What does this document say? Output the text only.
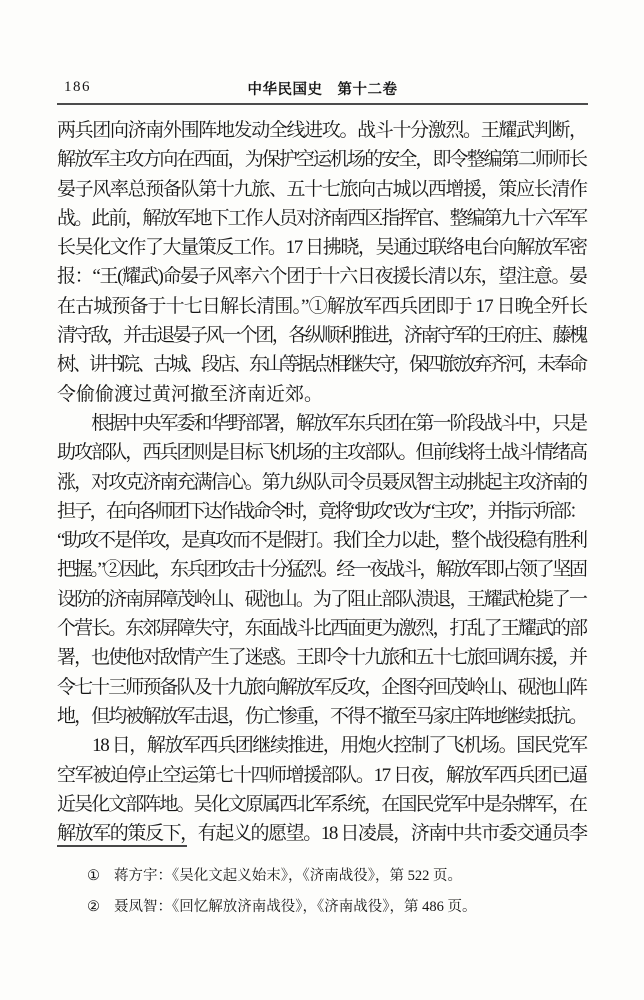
186	中华民国史　第十二卷
两兵团向济南外围阵地发动全线进攻。战斗十分激烈。王耀武判断，
解放军主攻方向在西面，为保护空运机场的安全，即令整编第二师师长
晏子风率总预备队第十九旅、五十七旅向古城以西增援，策应长清作
战。此前，解放军地下工作人员对济南西区指挥官、整编第九十六军军
长吴化文作了大量策反工作。17 日拂晓，吴通过联络电台向解放军密
报：“王(耀武)命晏子风率六个团于十六日夜援长清以东，望注意。晏
在古城预备于十七日解长清围。”①解放军西兵团即于 17 日晚全歼长
清守敌，并击退晏子风一个团，各纵顺利推进，济南守军的王府庄、藤槐
树、讲书院、古城、段店、东山等据点相继失守，保四旅放弃齐河，未奉命
令偷偷渡过黄河撤至济南近郊。
　　根据中央军委和华野部署，解放军东兵团在第一阶段战斗中，只是
助攻部队，西兵团则是目标飞机场的主攻部队。但前线将士战斗情绪高
涨，对攻克济南充满信心。第九纵队司令员聂凤智主动挑起主攻济南的
担子，在向各师团下达作战命令时，竟将“助攻”改为“主攻”，并指示所部：
“助攻不是佯攻，是真攻而不是假打。我们全力以赴，整个战役稳有胜利
把握。”②因此，东兵团攻击十分猛烈。经一夜战斗，解放军即占领了坚固
设防的济南屏障茂岭山、砚池山。为了阻止部队溃退，王耀武枪毙了一
个营长。东郊屏障失守，东面战斗比西面更为激烈，打乱了王耀武的部
署，也使他对敌情产生了迷惑。王即令十九旅和五十七旅回调东援，并
令七十三师预备队及十九旅向解放军反攻，企图夺回茂岭山、砚池山阵
地，但均被解放军击退，伤亡惨重，不得不撤至马家庄阵地继续抵抗。
　　18 日，解放军西兵团继续推进，用炮火控制了飞机场。国民党军
空军被迫停止空运第七十四师增援部队。17 日夜，解放军西兵团已逼
近吴化文部阵地。吴化文原属西北军系统，在国民党军中是杂牌军，在
解放军的策反下，有起义的愿望。18 日凌晨，济南中共市委交通员李
① 蒋方宇：《吴化文起义始末》，《济南战役》，第 522 页。
② 聂凤智：《回忆解放济南战役》，《济南战役》，第 486 页。
